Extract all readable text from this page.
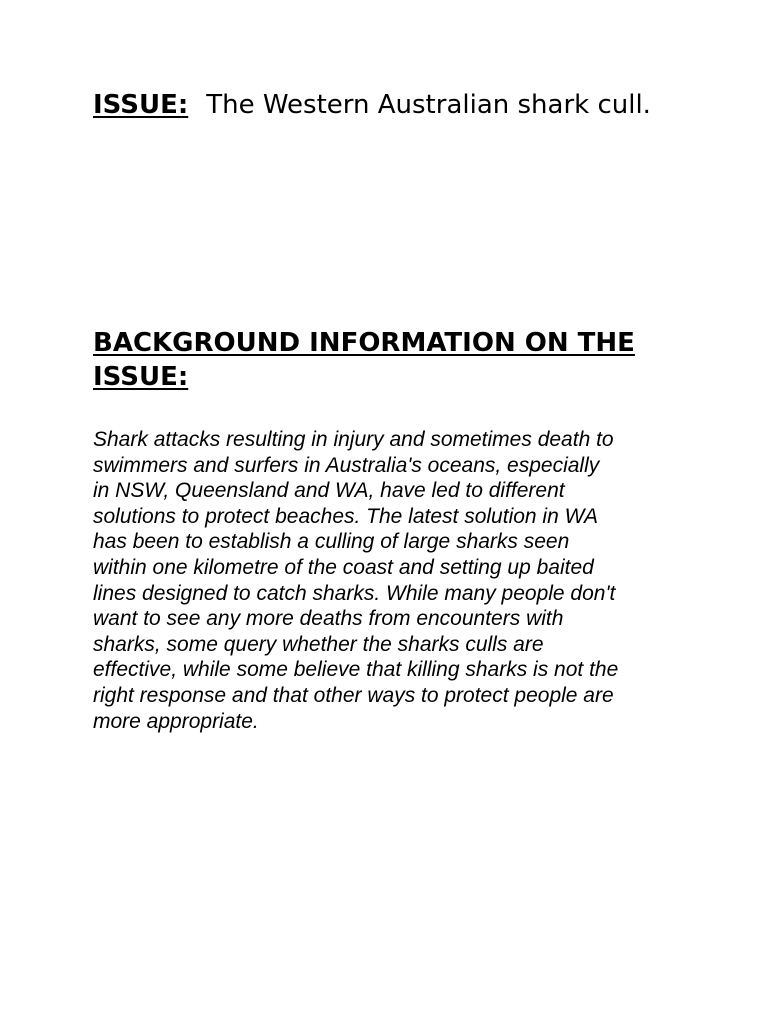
ISSUE: The Western Australian shark cull.
BACKGROUND INFORMATION ON THE ISSUE:

Shark attacks resulting in injury and sometimes death to
swimmers and surfers in Australia's oceans, especially
in NSW, Queensland and WA, have led to different
solutions to protect beaches. The latest solution in WA
has been to establish a culling of large sharks seen
within one kilometre of the coast and setting up baited
lines designed to catch sharks. While many people don't
want to see any more deaths from encounters with
sharks, some query whether the sharks culls are
effective, while some believe that killing sharks is not the
right response and that other ways to protect people are
more appropriate.
